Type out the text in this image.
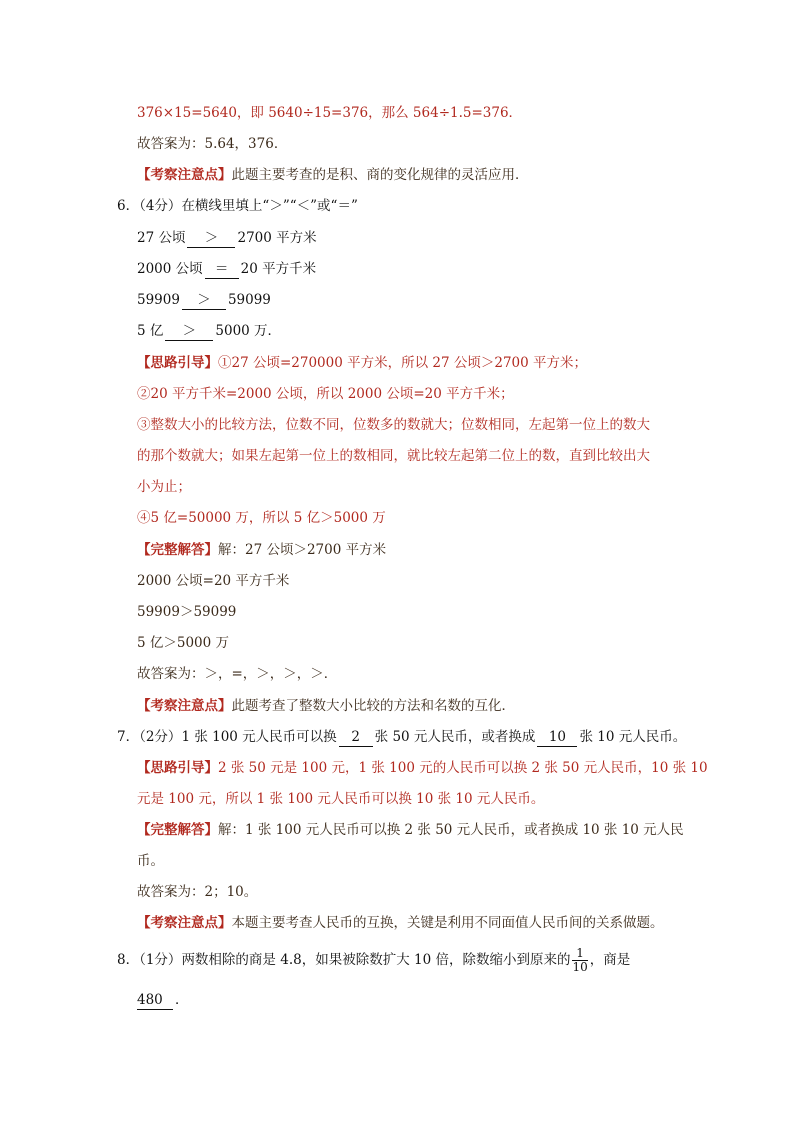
376×15=5640，即 5640÷15=376，那么 564÷1.5=376．
故答案为：5.64，376．
【考察注意点】此题主要考查的是积、商的变化规律的灵活应用．
6．（4分）在横线里填上“＞”“＜”或“＝”
27 公顷 ＞ 2700 平方米
2000 公顷 ＝ 20 平方千米
59909 ＞ 59099
5 亿 ＞ 5000 万．
【思路引导】①27 公顷=270000 平方米，所以 27 公顷＞2700 平方米；
②20 平方千米=2000 公顷，所以 2000 公顷=20 平方千米；
③整数大小的比较方法，位数不同，位数多的数就大；位数相同，左起第一位上的数大
的那个数就大；如果左起第一位上的数相同，就比较左起第二位上的数，直到比较出大
小为止；
④5 亿=50000 万，所以 5 亿＞5000 万
【完整解答】解：27 公顷＞2700 平方米
2000 公顷=20 平方千米
59909＞59099
5 亿＞5000 万
故答案为：＞，=，＞，＞，＞．
【考察注意点】此题考查了整数大小比较的方法和名数的互化．
7．（2分）1 张 100 元人民币可以换 2 张 50 元人民币，或者换成 10 张 10 元人民币。
【思路引导】2 张 50 元是 100 元，1 张 100 元的人民币可以换 2 张 50 元人民币，10 张 10
元是 100 元，所以 1 张 100 元人民币可以换 10 张 10 元人民币。
【完整解答】解：1 张 100 元人民币可以换 2 张 50 元人民币，或者换成 10 张 10 元人民
币。
故答案为：2；10。
【考察注意点】本题主要考查人民币的互换，关键是利用不同面值人民币间的关系做题。
8．（1分）两数相除的商是 4.8，如果被除数扩大 10 倍，除数缩小到原来的 $\frac{1}{10}$ ，商是
480 ．
